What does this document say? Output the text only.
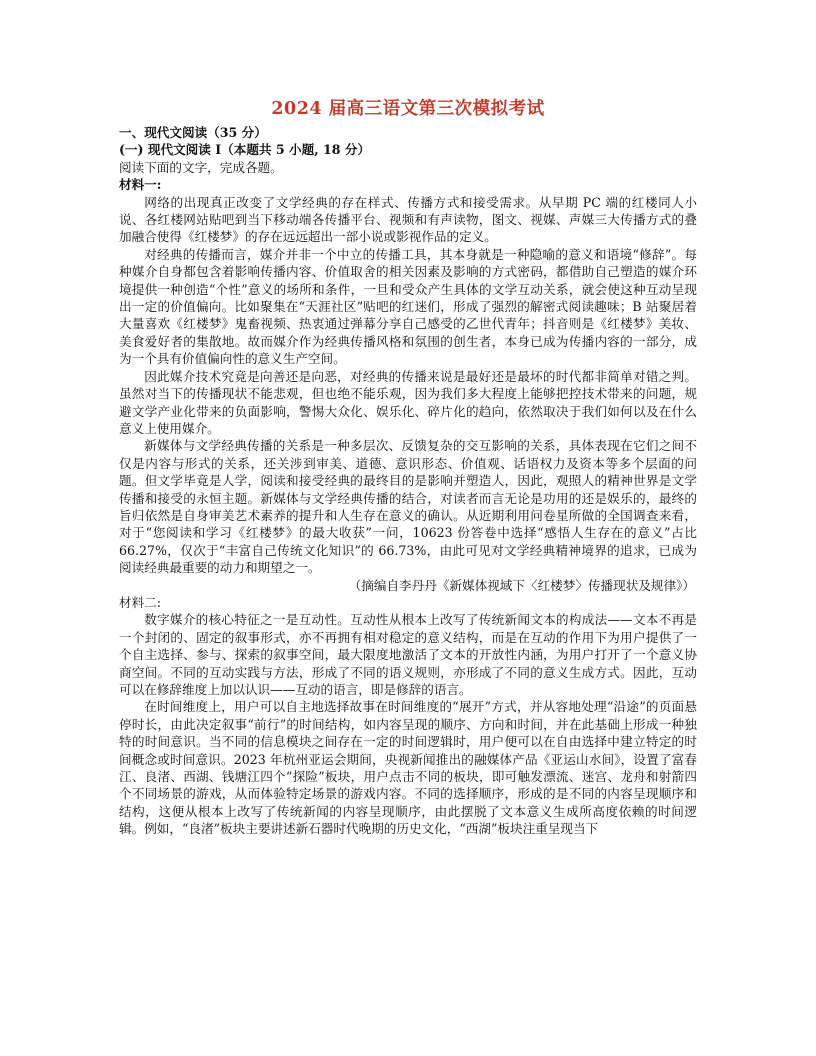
2024 届高三语文第三次模拟考试
一、现代文阅读（35 分）
(一) 现代文阅读 I（本题共 5 小题, 18 分）
阅读下面的文字，完成各题。
材料一:

网络的出现真正改变了文学经典的存在样式、传播方式和接受需求。从早期 PC 端的红楼同人小说、各红楼网站贴吧到当下移动端各传播平台、视频和有声读物，图文、视媒、声媒三大传播方式的叠加融合使得《红楼梦》的存在远远超出一部小说或影视作品的定义。

对经典的传播而言，媒介并非一个中立的传播工具，其本身就是一种隐喻的意义和语境“修辞”。每种媒介自身都包含着影响传播内容、价值取舍的相关因素及影响的方式密码，都借助自己塑造的媒介环境提供一种创造“个性”意义的场所和条件，一旦和受众产生具体的文学互动关系，就会使这种互动呈现出一定的价值偏向。比如聚集在“天涯社区”贴吧的红迷们，形成了强烈的解密式阅读趣味；B 站聚居着大量喜欢《红楼梦》鬼畜视频、热衷通过弹幕分享自己感受的乙世代青年；抖音则是《红楼梦》美妆、美食爱好者的集散地。故而媒介作为经典传播风格和氛围的创生者，本身已成为传播内容的一部分，成为一个具有价值偏向性的意义生产空间。

因此媒介技术究竟是向善还是向恶，对经典的传播来说是最好还是最坏的时代都非简单对错之判。虽然对当下的传播现状不能悲观，但也绝不能乐观，因为我们多大程度上能够把控技术带来的问题，规避文学产业化带来的负面影响，警惕大众化、娱乐化、碎片化的趋向，依然取决于我们如何以及在什么意义上使用媒介。

新媒体与文学经典传播的关系是一种多层次、反馈复杂的交互影响的关系，具体表现在它们之间不仅是内容与形式的关系，还关涉到审美、道德、意识形态、价值观、话语权力及资本等多个层面的问题。但文学毕竟是人学，阅读和接受经典的最终目的是影响并塑造人，因此，观照人的精神世界是文学传播和接受的永恒主题。新媒体与文学经典传播的结合，对读者而言无论是功用的还是娱乐的，最终的旨归依然是自身审美艺术素养的提升和人生存在意义的确认。从近期利用问卷星所做的全国调查来看，对于“您阅读和学习《红楼梦》的最大收获”一问，10623 份答卷中选择“感悟人生存在的意义”占比 66.27%，仅次于“丰富自己传统文化知识”的 66.73%，由此可见对文学经典精神境界的追求，已成为阅读经典最重要的动力和期望之一。

（摘编自李丹丹《新媒体视域下〈红楼梦〉传播现状及规律》）
材料二:

数字媒介的核心特征之一是互动性。互动性从根本上改写了传统新闻文本的构成法——文本不再是一个封闭的、固定的叙事形式，亦不再拥有相对稳定的意义结构，而是在互动的作用下为用户提供了一个自主选择、参与、探索的叙事空间，最大限度地激活了文本的开放性内涵，为用户打开了一个意义协商空间。不同的互动实践与方法，形成了不同的语义规则，亦形成了不同的意义生成方式。因此，互动可以在修辞维度上加以认识——互动的语言，即是修辞的语言。

在时间维度上，用户可以自主地选择故事在时间维度的“展开”方式，并从容地处理“沿途”的页面悬停时长，由此决定叙事“前行”的时间结构，如内容呈现的顺序、方向和时间，并在此基础上形成一种独特的时间意识。当不同的信息模块之间存在一定的时间逻辑时，用户便可以在自由选择中建立特定的时间概念或时间意识。2023 年杭州亚运会期间，央视新闻推出的融媒体产品《亚运山水间》，设置了富春江、良渚、西湖、钱塘江四个“探险”板块，用户点击不同的板块，即可触发漂流、迷宫、龙舟和射箭四个不同场景的游戏，从而体验特定场景的游戏内容。不同的选择顺序，形成的是不同的内容呈现顺序和结构，这便从根本上改写了传统新闻的内容呈现顺序，由此摆脱了文本意义生成所高度依赖的时间逻辑。例如，“良渚”板块主要讲述新石器时代晚期的历史文化，“西湖”板块注重呈现当下
